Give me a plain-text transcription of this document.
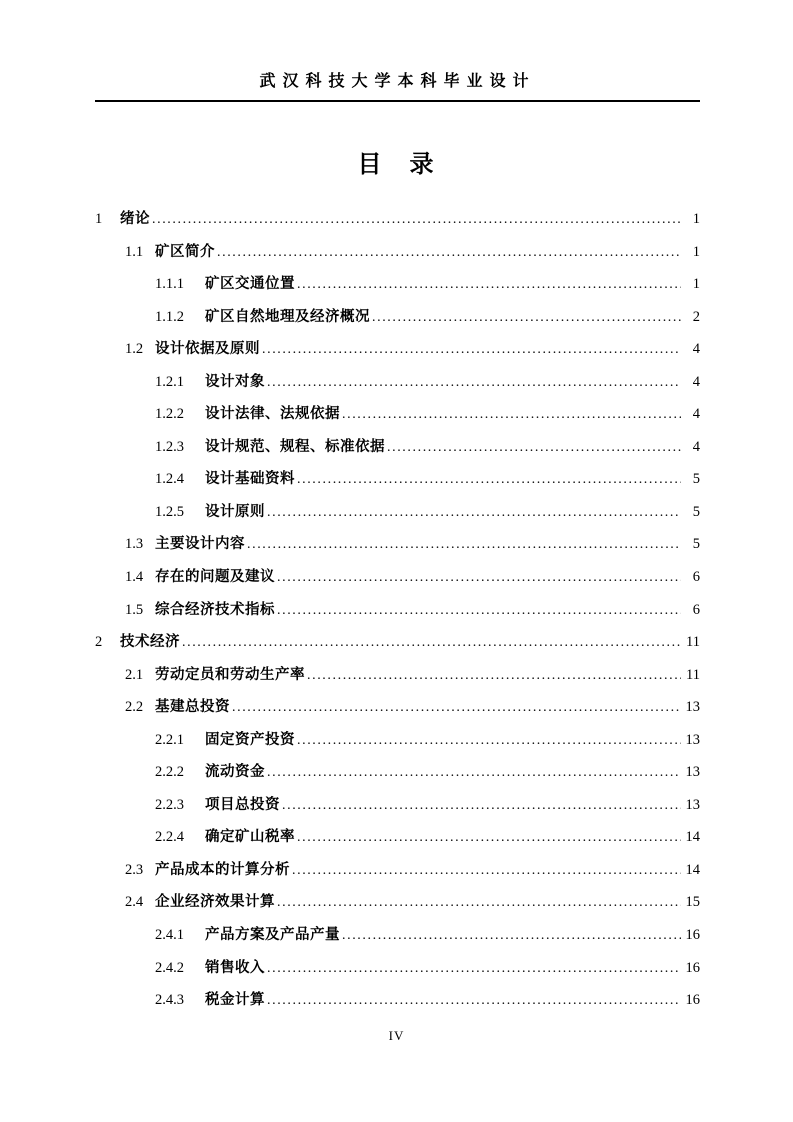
武汉科技大学本科毕业设计
目　录
1	绪论 .....	1
1.1 矿区简介 .....	1
1.1.1	矿区交通位置 .....	1
1.1.2	矿区自然地理及经济概况 .....	2
1.2 设计依据及原则 .....	4
1.2.1	设计对象 .....	4
1.2.2	设计法律、法规依据 .....	4
1.2.3	设计规范、规程、标准依据 .....	4
1.2.4	设计基础资料 .....	5
1.2.5	设计原则 .....	5
1.3 主要设计内容 .....	5
1.4 存在的问题及建议 .....	6
1.5 综合经济技术指标 .....	6
2	技术经济 .....	11
2.1 劳动定员和劳动生产率 .....	11
2.2 基建总投资 .....	13
2.2.1	固定资产投资 .....	13
2.2.2	流动资金 .....	13
2.2.3	项目总投资 .....	13
2.2.4	确定矿山税率 .....	14
2.3 产品成本的计算分析 .....	14
2.4 企业经济效果计算 .....	15
2.4.1	产品方案及产品产量 .....	16
2.4.2	销售收入 .....	16
2.4.3	税金计算 .....	16
IV
